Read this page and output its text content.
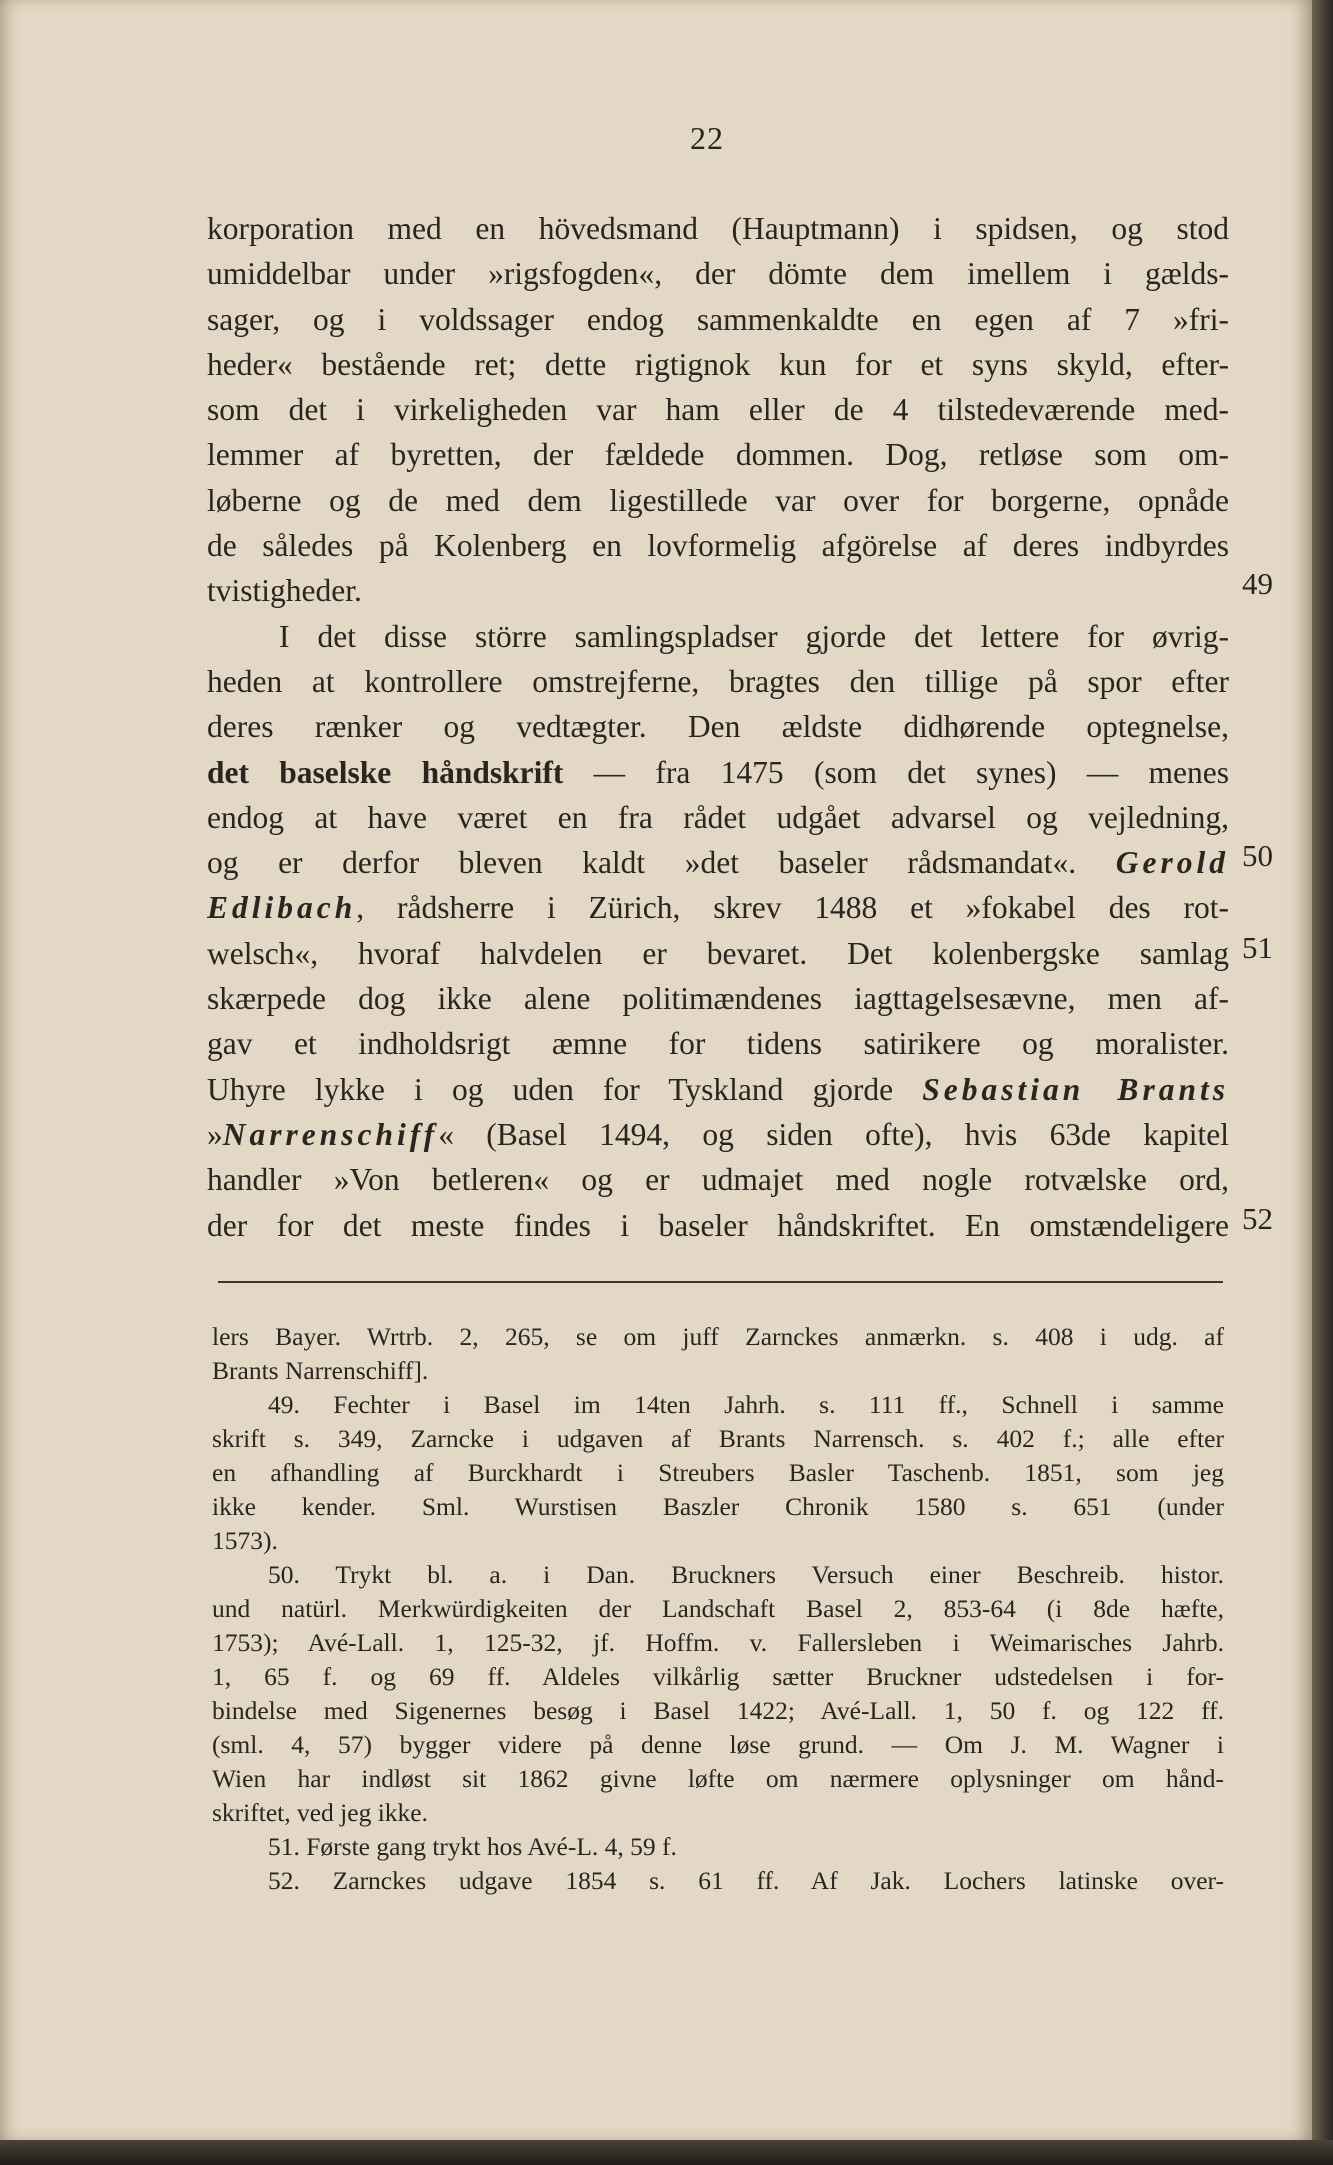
22
korporation med en hövedsmand (Hauptmann) i spidsen, og stod
umiddelbar under »rigsfogden«, der dömte dem imellem i gælds-
sager, og i voldssager endog sammenkaldte en egen af 7 »fri-
heder« bestående ret; dette rigtignok kun for et syns skyld, efter-
som det i virkeligheden var ham eller de 4 tilstedeværende med-
lemmer af byretten, der fældede dommen. Dog, retløse som om-
løberne og de med dem ligestillede var over for borgerne, opnåde
de således på Kolenberg en lovformelig afgörelse af deres indbyrdes
tvistigheder.
I det disse större samlingspladser gjorde det lettere for øvrig-
heden at kontrollere omstrejferne, bragtes den tillige på spor efter
deres rænker og vedtægter. Den ældste didhørende optegnelse,
det baselske håndskrift — fra 1475 (som det synes) — menes
endog at have været en fra rådet udgået advarsel og vejledning,
og er derfor bleven kaldt »det baseler rådsmandat«. Gerold
Edlibach, rådsherre i Zürich, skrev 1488 et »fokabel des rot-
welsch«, hvoraf halvdelen er bevaret. Det kolenbergske samlag
skærpede dog ikke alene politimændenes iagttagelsesævne, men af-
gav et indholdsrigt æmne for tidens satirikere og moralister.
Uhyre lykke i og uden for Tyskland gjorde Sebastian Brants
»Narrenschiff« (Basel 1494, og siden ofte), hvis 63de kapitel
handler »Von betleren« og er udmajet med nogle rotvælske ord,
der for det meste findes i baseler håndskriftet. En omstændeligere
49
50
51
52
lers Bayer. Wrtrb. 2, 265, se om juff Zarnckes anmærkn. s. 408 i udg. af
Brants Narrenschiff].
49. Fechter i Basel im 14ten Jahrh. s. 111 ff., Schnell i samme
skrift s. 349, Zarncke i udgaven af Brants Narrensch. s. 402 f.; alle efter
en afhandling af Burckhardt i Streubers Basler Taschenb. 1851, som jeg
ikke kender. Sml. Wurstisen Baszler Chronik 1580 s. 651 (under
1573).
50. Trykt bl. a. i Dan. Bruckners Versuch einer Beschreib. histor.
und natürl. Merkwürdigkeiten der Landschaft Basel 2, 853-64 (i 8de hæfte,
1753); Avé-Lall. 1, 125-32, jf. Hoffm. v. Fallersleben i Weimarisches Jahrb.
1, 65 f. og 69 ff. Aldeles vilkårlig sætter Bruckner udstedelsen i for-
bindelse med Sigenernes besøg i Basel 1422; Avé-Lall. 1, 50 f. og 122 ff.
(sml. 4, 57) bygger videre på denne løse grund. — Om J. M. Wagner i
Wien har indløst sit 1862 givne løfte om nærmere oplysninger om hånd-
skriftet, ved jeg ikke.
51. Første gang trykt hos Avé-L. 4, 59 f.
52. Zarnckes udgave 1854 s. 61 ff. Af Jak. Lochers latinske over-
